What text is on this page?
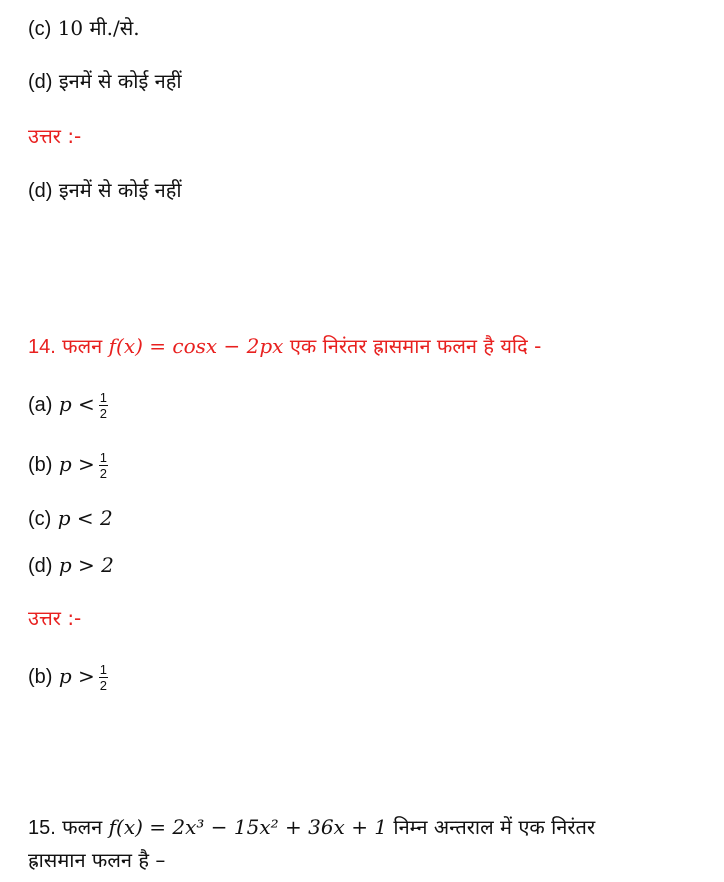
(c) 10 मी./से.
(d) इनमें से कोई नहीं
उत्तर :-
(d) इनमें से कोई नहीं
14. फलन f(x) = cosx − 2px एक निरंतर ह्रासमान फलन है यदि -
(a) $p < \frac{1}{2}$
(b) $p > \frac{1}{2}$
(c) p < 2
(d) p > 2
उत्तर :-
(b) $p > \frac{1}{2}$
15. फलन f(x) = 2x³ − 15x² + 36x + 1 निम्न अन्तराल में एक निरंतर
ह्रासमान फलन है –
